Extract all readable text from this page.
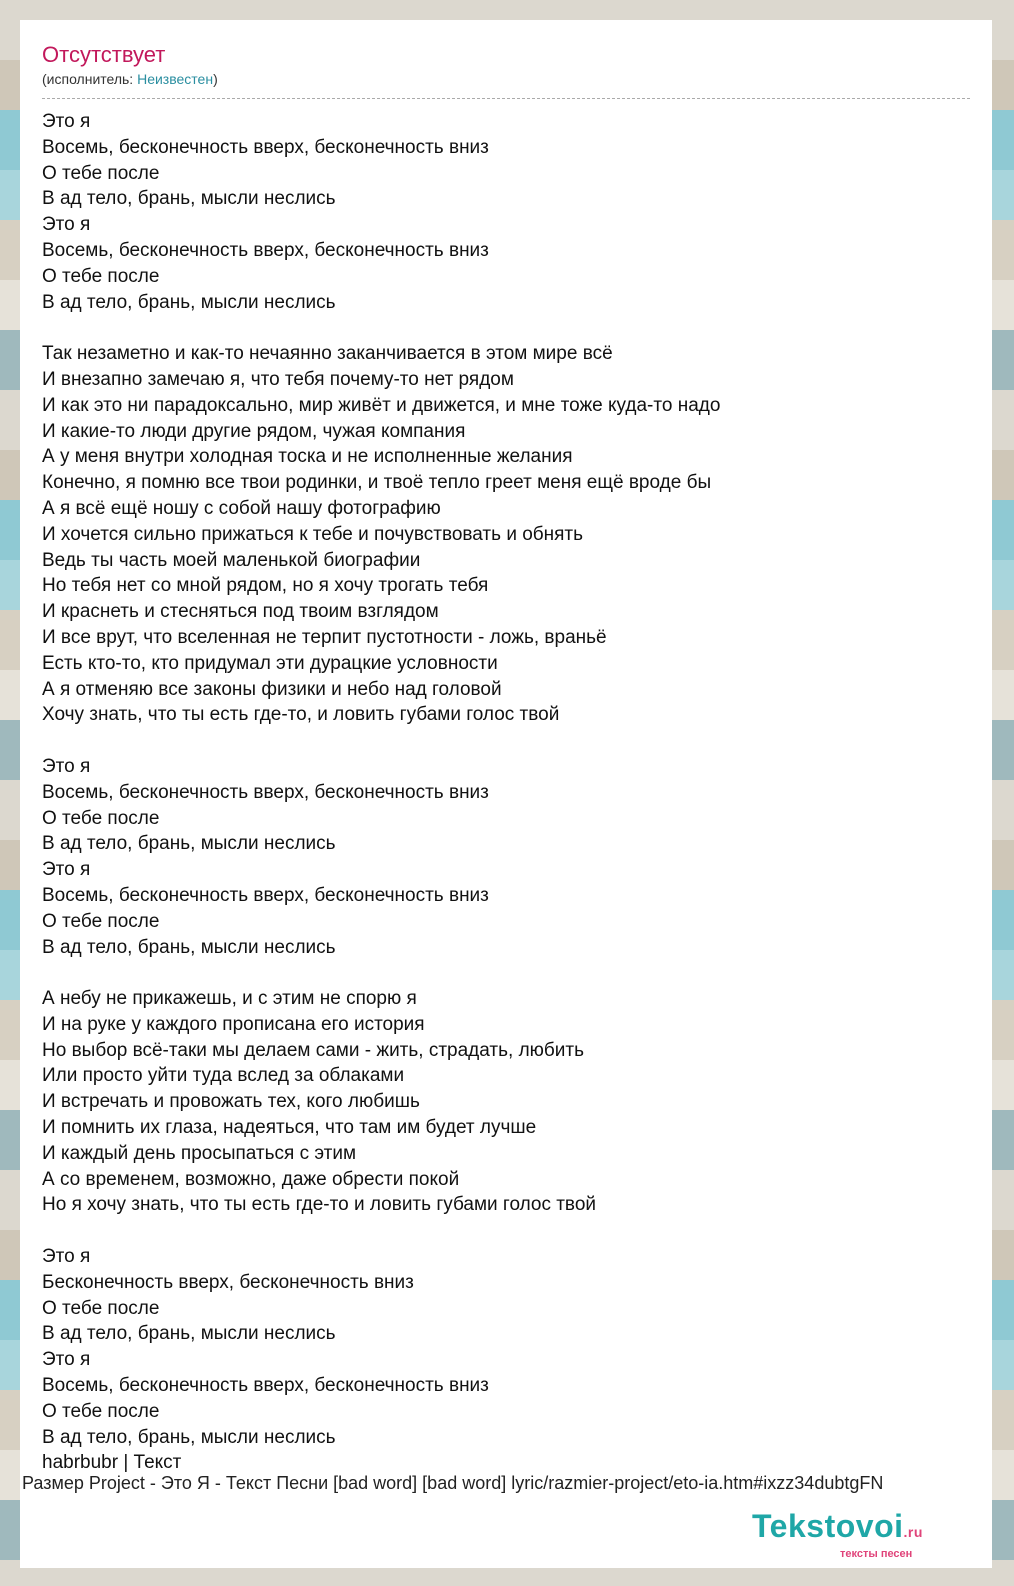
Отсутствует
(исполнитель: Неизвестен)
Это я
Восемь, бесконечность вверх, бесконечность вниз
О тебе после
В ад тело, брань, мысли неслись
Это я
Восемь, бесконечность вверх, бесконечность вниз
О тебе после
В ад тело, брань, мысли неслись
Так незаметно и как-то нечаянно заканчивается в этом мире всё
И внезапно замечаю я, что тебя почему-то нет рядом
И как это ни парадоксально, мир живёт и движется, и мне тоже куда-то надо
И какие-то люди другие рядом, чужая компания
А у меня внутри холодная тоска и не исполненные желания
Конечно, я помню все твои родинки, и твоё тепло греет меня ещё вроде бы
А я всё ещё ношу с собой нашу фотографию
И хочется сильно прижаться к тебе и почувствовать и обнять
Ведь ты часть моей маленькой биографии
Но тебя нет со мной рядом, но я хочу трогать тебя
И краснеть и стесняться под твоим взглядом
И все врут, что вселенная не терпит пустотности - ложь, враньё
Есть кто-то, кто придумал эти дурацкие условности
А я отменяю все законы физики и небо над головой
Хочу знать, что ты есть где-то, и ловить губами голос твой
Это я
Восемь, бесконечность вверх, бесконечность вниз
О тебе после
В ад тело, брань, мысли неслись
Это я
Восемь, бесконечность вверх, бесконечность вниз
О тебе после
В ад тело, брань, мысли неслись
А небу не прикажешь, и с этим не спорю я
И на руке у каждого прописана его история
Но выбор всё-таки мы делаем сами - жить, страдать, любить
Или просто уйти туда вслед за облаками
И встречать и провожать тех, кого любишь
И помнить их глаза, надеяться, что там им будет лучше
И каждый день просыпаться с этим
А со временем, возможно, даже обрести покой
Но я хочу знать, что ты есть где-то и ловить губами голос твой
Это я
Бесконечность вверх, бесконечность вниз
О тебе после
В ад тело, брань, мысли неслись
Это я
Восемь, бесконечность вверх, бесконечность вниз
О тебе после
В ад тело, брань, мысли неслись
habrbubr | Текст
Размер Project - Это Я - Текст Песни [bad word] [bad word] lyric/razmier-project/eto-ia.htm#ixzz34dubtgFN
Tekstovoi.ru
тексты песен
